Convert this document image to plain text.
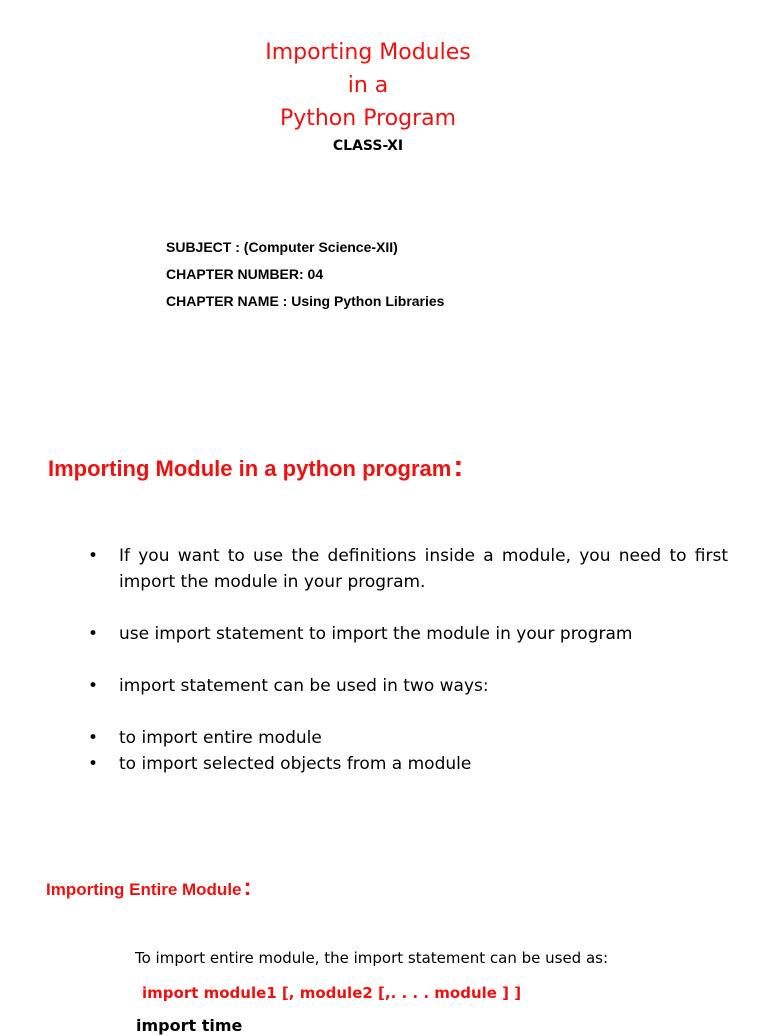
Importing Modules
in a
Python Program
CLASS-XI
SUBJECT : (Computer Science-XII)
CHAPTER NUMBER: 04
CHAPTER NAME : Using Python Libraries
Importing Module in a python program:
• If you want to use the definitions inside a module, you need to first import the module in your program.
• use import statement to import the module in your program
• import statement can be used in two ways:
• to import entire module
• to import selected objects from a module
Importing Entire Module:
To import entire module, the import statement can be used as:
import module1 [, module2 [,. . . . module ] ]
import time
